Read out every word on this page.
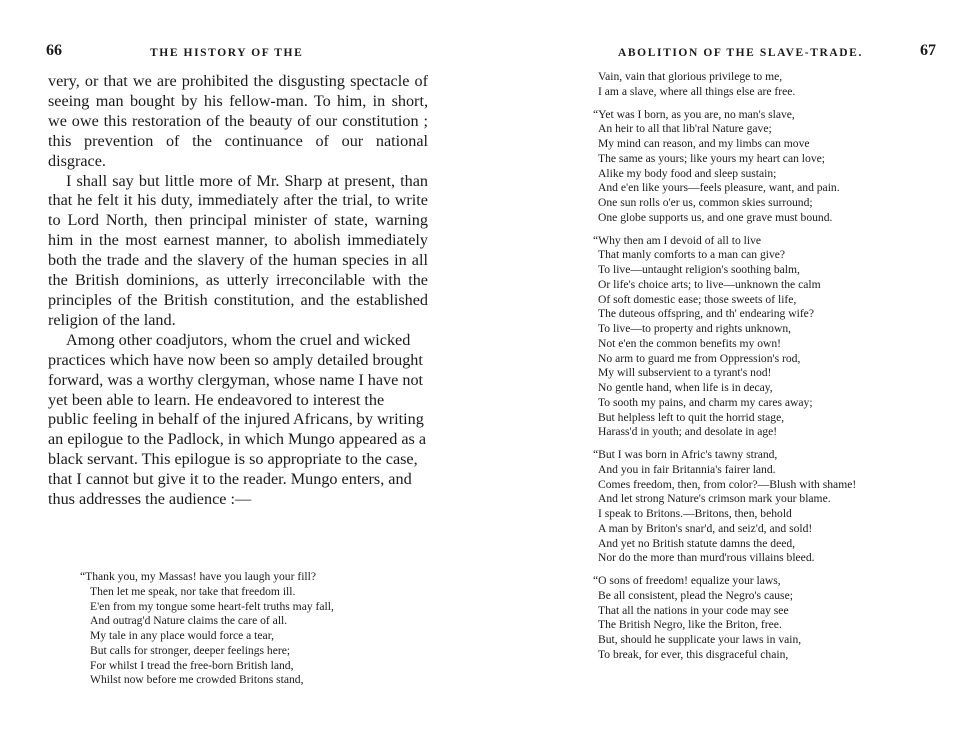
66	THE HISTORY OF THE

very, or that we are prohibited the disgusting spectacle of seeing man bought by his fellow-man. To him, in short, we owe this restoration of the beauty of our constitution ; this prevention of the continuance of our national disgrace.

I shall say but little more of Mr. Sharp at present, than that he felt it his duty, immediately after the trial, to write to Lord North, then principal minister of state, warning him in the most earnest manner, to abolish immediately both the trade and the slavery of the human species in all the British dominions, as utterly irreconcilable with the principles of the British constitution, and the established religion of the land.

Among other coadjutors, whom the cruel and wicked practices which have now been so amply detailed brought forward, was a worthy clergyman, whose name I have not yet been able to learn. He endeavored to interest the public feeling in behalf of the injured Africans, by writing an epilogue to the Padlock, in which Mungo appeared as a black servant. This epilogue is so appropriate to the case, that I cannot but give it to the reader. Mungo enters, and thus addresses the audience :—

“Thank you, my Massas! have you laugh your fill?
Then let me speak, nor take that freedom ill.
E'en from my tongue some heart-felt truths may fall,
And outrag'd Nature claims the care of all.
My tale in any place would force a tear,
But calls for stronger, deeper feelings here;
For whilst I tread the free-born British land,
Whilst now before me crowded Britons stand,
ABOLITION OF THE SLAVE-TRADE.	67
Vain, vain that glorious privilege to me,
I am a slave, where all things else are free.
“Yet was I born, as you are, no man's slave,
An heir to all that lib'ral Nature gave;
My mind can reason, and my limbs can move
The same as yours; like yours my heart can love;
Alike my body food and sleep sustain;
And e'en like yours—feels pleasure, want, and pain.
One sun rolls o'er us, common skies surround;
One globe supports us, and one grave must bound.
“Why then am I devoid of all to live
That manly comforts to a man can give?
To live—untaught religion's soothing balm,
Or life's choice arts; to live—unknown the calm
Of soft domestic ease; those sweets of life,
The duteous offspring, and th' endearing wife?
To live—to property and rights unknown,
Not e'en the common benefits my own!
No arm to guard me from Oppression's rod,
My will subservient to a tyrant's nod!
No gentle hand, when life is in decay,
To sooth my pains, and charm my cares away;
But helpless left to quit the horrid stage,
Harass'd in youth; and desolate in age!
“But I was born in Afric's tawny strand,
And you in fair Britannia's fairer land.
Comes freedom, then, from color?—Blush with shame!
And let strong Nature's crimson mark your blame.
I speak to Britons.—Britons, then, behold
A man by Briton's snar'd, and seiz'd, and sold!
And yet no British statute damns the deed,
Nor do the more than murd'rous villains bleed.
“O sons of freedom! equalize your laws,
Be all consistent, plead the Negro's cause;
That all the nations in your code may see
The British Negro, like the Briton, free.
But, should he supplicate your laws in vain,
To break, for ever, this disgraceful chain,
